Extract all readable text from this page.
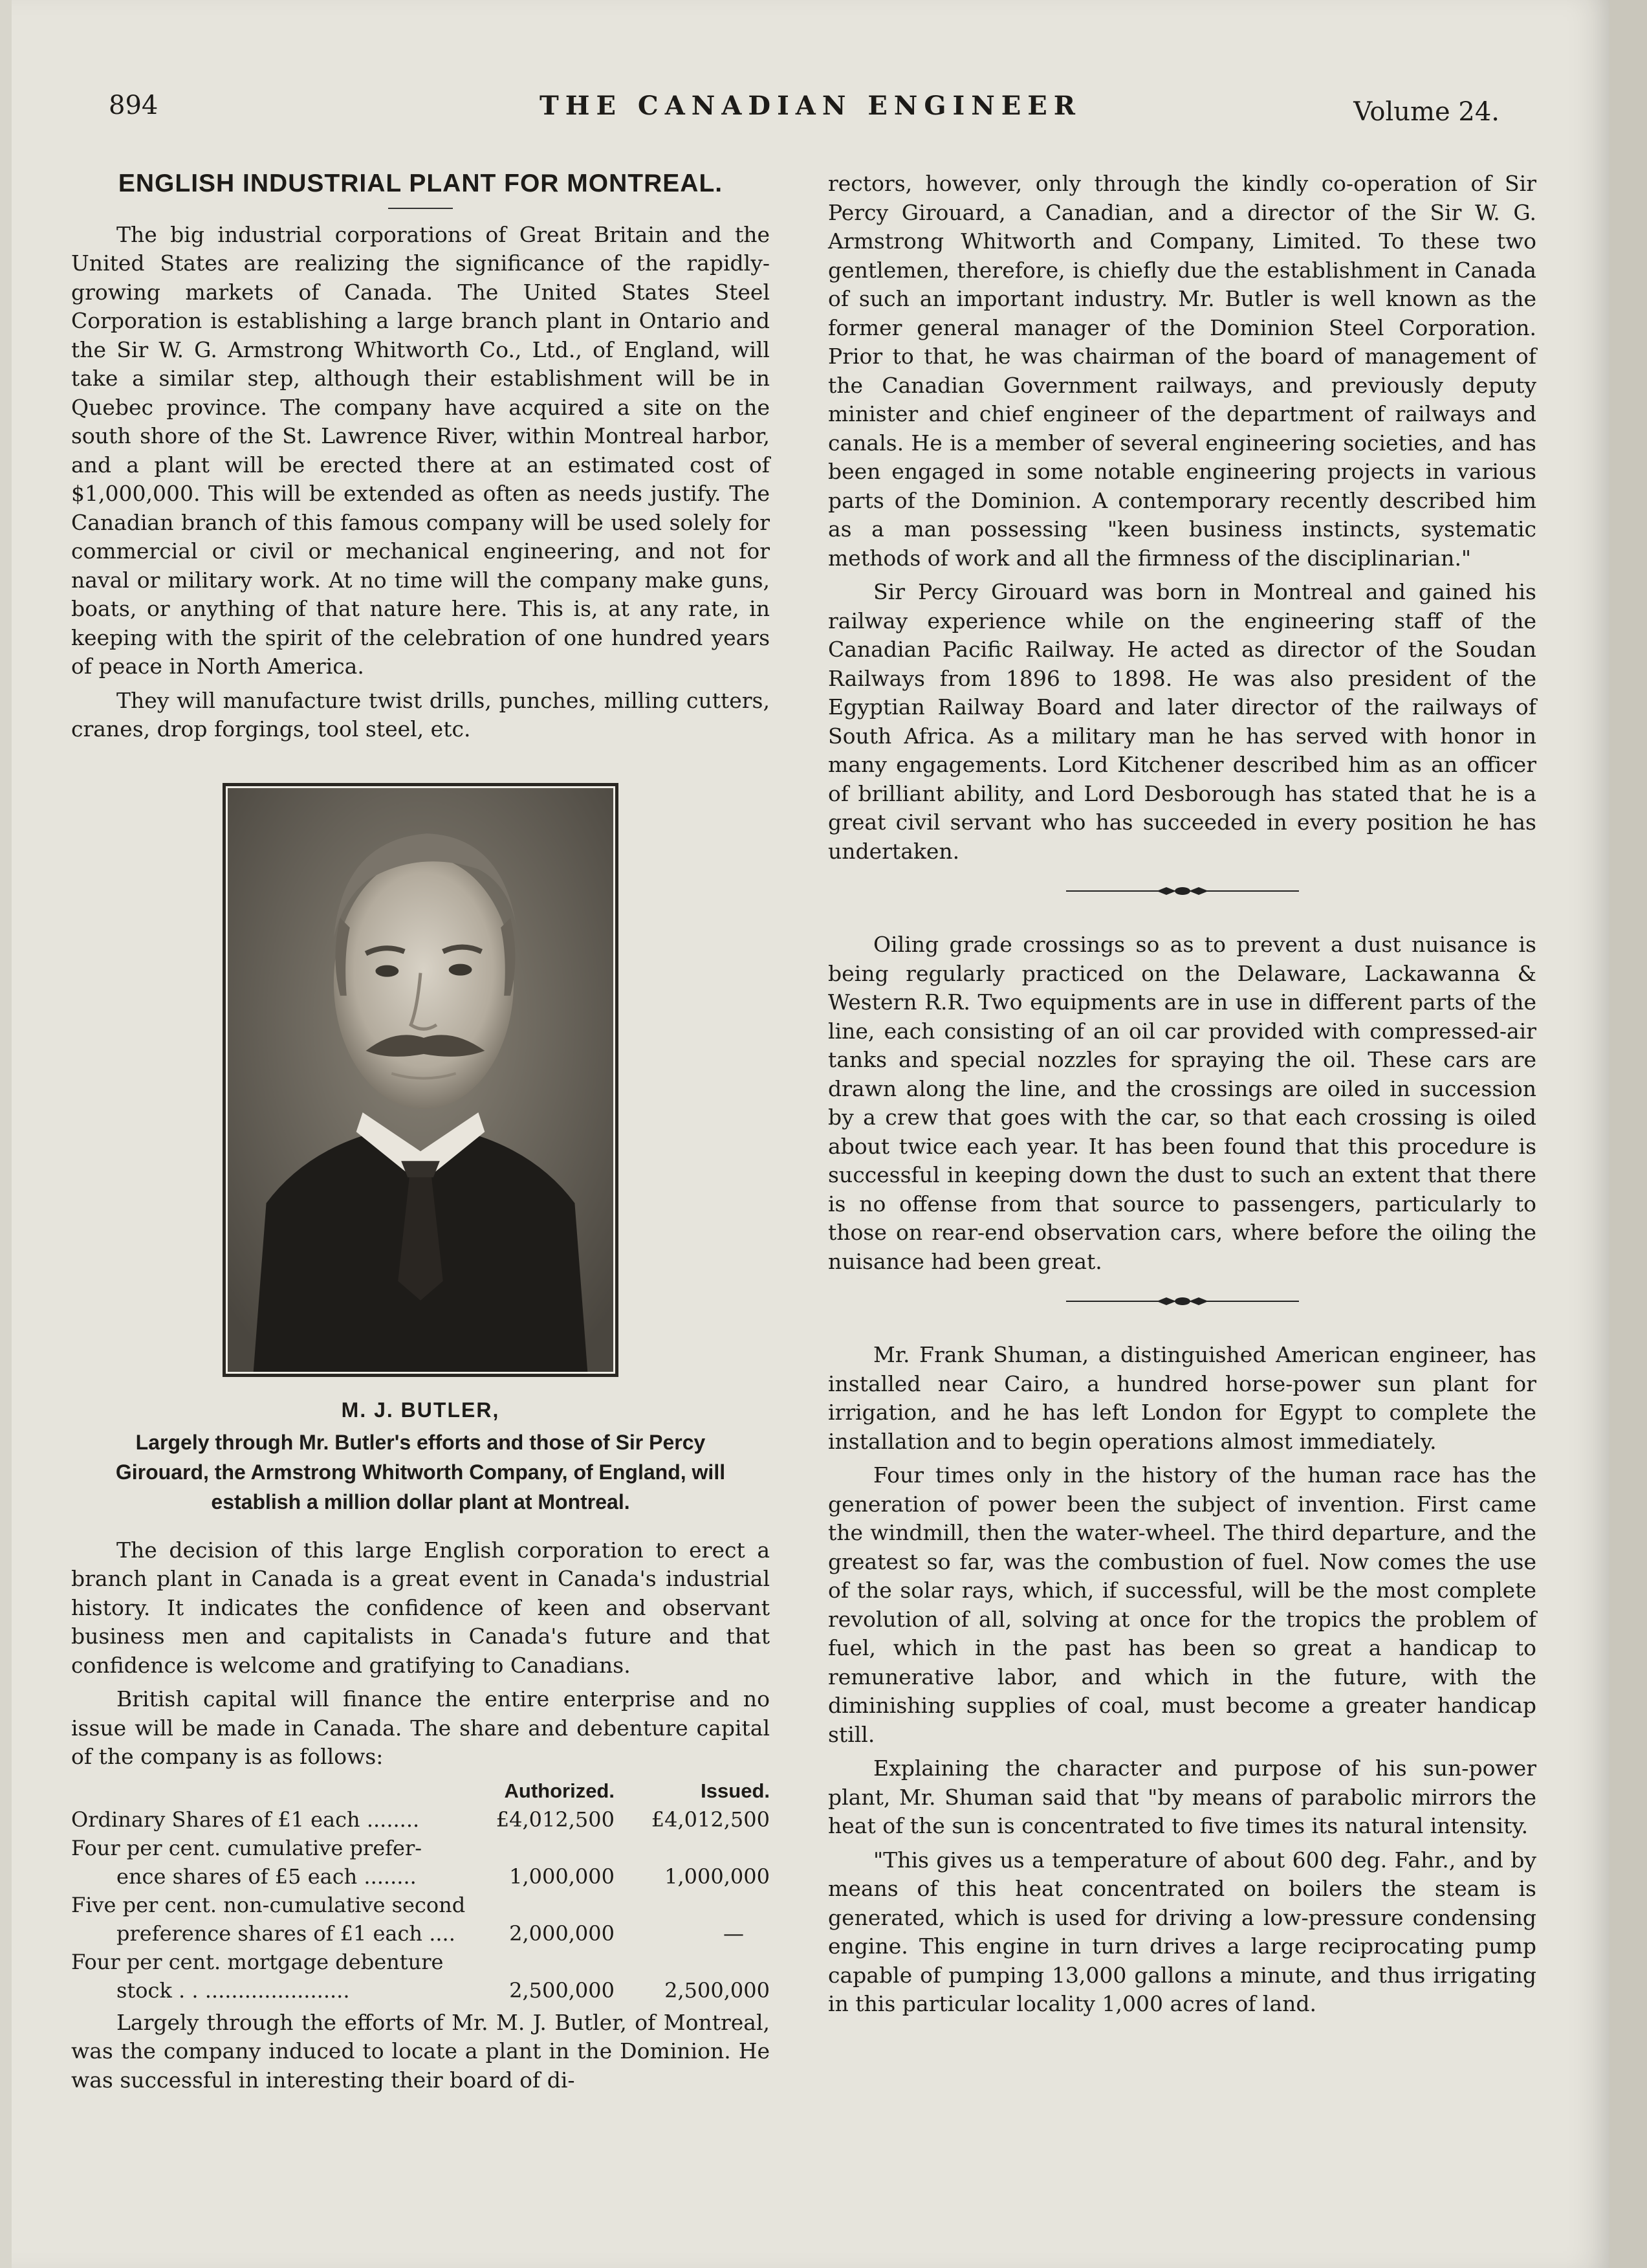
894	THE CANADIAN ENGINEER	Volume 24.
ENGLISH INDUSTRIAL PLANT FOR MONTREAL.

The big industrial corporations of Great Britain and the United States are realizing the significance of the rapidly-growing markets of Canada. The United States Steel Corporation is establishing a large branch plant in Ontario and the Sir W. G. Armstrong Whitworth Co., Ltd., of England, will take a similar step, although their establishment will be in Quebec province. The company have acquired a site on the south shore of the St. Lawrence River, within Montreal harbor, and a plant will be erected there at an estimated cost of $1,000,000. This will be extended as often as needs justify. The Canadian branch of this famous company will be used solely for commercial or civil or mechanical engineering, and not for naval or military work. At no time will the company make guns, boats, or anything of that nature here. This is, at any rate, in keeping with the spirit of the celebration of one hundred years of peace in North America.

They will manufacture twist drills, punches, milling cutters, cranes, drop forgings, tool steel, etc.

M. J. BUTLER,
Largely through Mr. Butler's efforts and those of Sir Percy Girouard, the Armstrong Whitworth Company, of England, will establish a million dollar plant at Montreal.

The decision of this large English corporation to erect a branch plant in Canada is a great event in Canada's industrial history. It indicates the confidence of keen and observant business men and capitalists in Canada's future and that confidence is welcome and gratifying to Canadians.

British capital will finance the entire enterprise and no issue will be made in Canada. The share and debenture capital of the company is as follows:

	Authorized.	Issued.
Ordinary Shares of £1 each ........	£4,012,500	£4,012,500
Four per cent. cumulative prefer-		
ence shares of £5 each ........	1,000,000	1,000,000
Five per cent. non-cumulative second		
preference shares of £1 each ....	2,000,000	—
Four per cent. mortgage debenture		
stock . . ......................	2,500,000	2,500,000

Largely through the efforts of Mr. M. J. Butler, of Montreal, was the company induced to locate a plant in the Dominion. He was successful in interesting their board of di-

rectors, however, only through the kindly co-operation of Sir Percy Girouard, a Canadian, and a director of the Sir W. G. Armstrong Whitworth and Company, Limited. To these two gentlemen, therefore, is chiefly due the establishment in Canada of such an important industry. Mr. Butler is well known as the former general manager of the Dominion Steel Corporation. Prior to that, he was chairman of the board of management of the Canadian Government railways, and previously deputy minister and chief engineer of the department of railways and canals. He is a member of several engineering societies, and has been engaged in some notable engineering projects in various parts of the Dominion. A contemporary recently described him as a man possessing "keen business instincts, systematic methods of work and all the firmness of the disciplinarian."

Sir Percy Girouard was born in Montreal and gained his railway experience while on the engineering staff of the Canadian Pacific Railway. He acted as director of the Soudan Railways from 1896 to 1898. He was also president of the Egyptian Railway Board and later director of the railways of South Africa. As a military man he has served with honor in many engagements. Lord Kitchener described him as an officer of brilliant ability, and Lord Desborough has stated that he is a great civil servant who has succeeded in every position he has undertaken.

Oiling grade crossings so as to prevent a dust nuisance is being regularly practiced on the Delaware, Lackawanna & Western R.R. Two equipments are in use in different parts of the line, each consisting of an oil car provided with compressed-air tanks and special nozzles for spraying the oil. These cars are drawn along the line, and the crossings are oiled in succession by a crew that goes with the car, so that each crossing is oiled about twice each year. It has been found that this procedure is successful in keeping down the dust to such an extent that there is no offense from that source to passengers, particularly to those on rear-end observation cars, where before the oiling the nuisance had been great.

Mr. Frank Shuman, a distinguished American engineer, has installed near Cairo, a hundred horse-power sun plant for irrigation, and he has left London for Egypt to complete the installation and to begin operations almost immediately.

Four times only in the history of the human race has the generation of power been the subject of invention. First came the windmill, then the water-wheel. The third departure, and the greatest so far, was the combustion of fuel. Now comes the use of the solar rays, which, if successful, will be the most complete revolution of all, solving at once for the tropics the problem of fuel, which in the past has been so great a handicap to remunerative labor, and which in the future, with the diminishing supplies of coal, must become a greater handicap still.

Explaining the character and purpose of his sun-power plant, Mr. Shuman said that "by means of parabolic mirrors the heat of the sun is concentrated to five times its natural intensity.

"This gives us a temperature of about 600 deg. Fahr., and by means of this heat concentrated on boilers the steam is generated, which is used for driving a low-pressure condensing engine. This engine in turn drives a large reciprocating pump capable of pumping 13,000 gallons a minute, and thus irrigating in this particular locality 1,000 acres of land.
